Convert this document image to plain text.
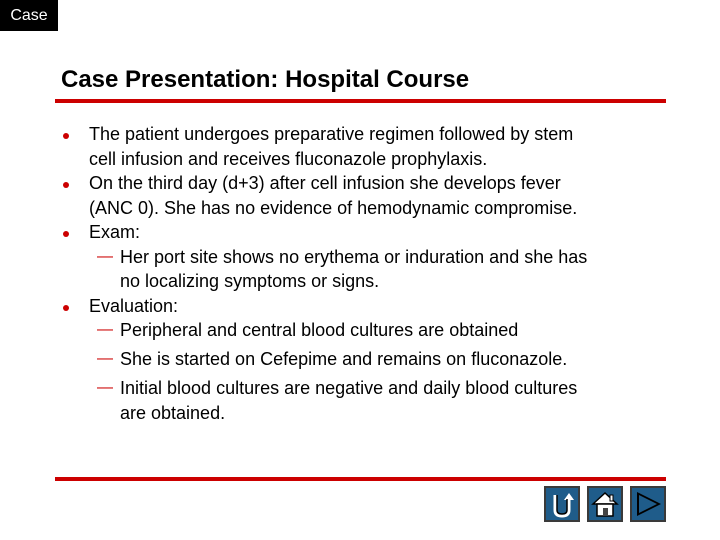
Case
Case Presentation: Hospital Course
The patient undergoes preparative regimen followed by stem
cell infusion and receives fluconazole prophylaxis.
On the third day (d+3) after cell infusion she develops fever
(ANC 0). She has no evidence of hemodynamic compromise.
Exam:
— Her port site shows no erythema or induration and she has
no localizing symptoms or signs.
Evaluation:
— Peripheral and central blood cultures are obtained
— She is started on Cefepime and remains on fluconazole.
— Initial blood cultures are negative and daily blood cultures
are obtained.
